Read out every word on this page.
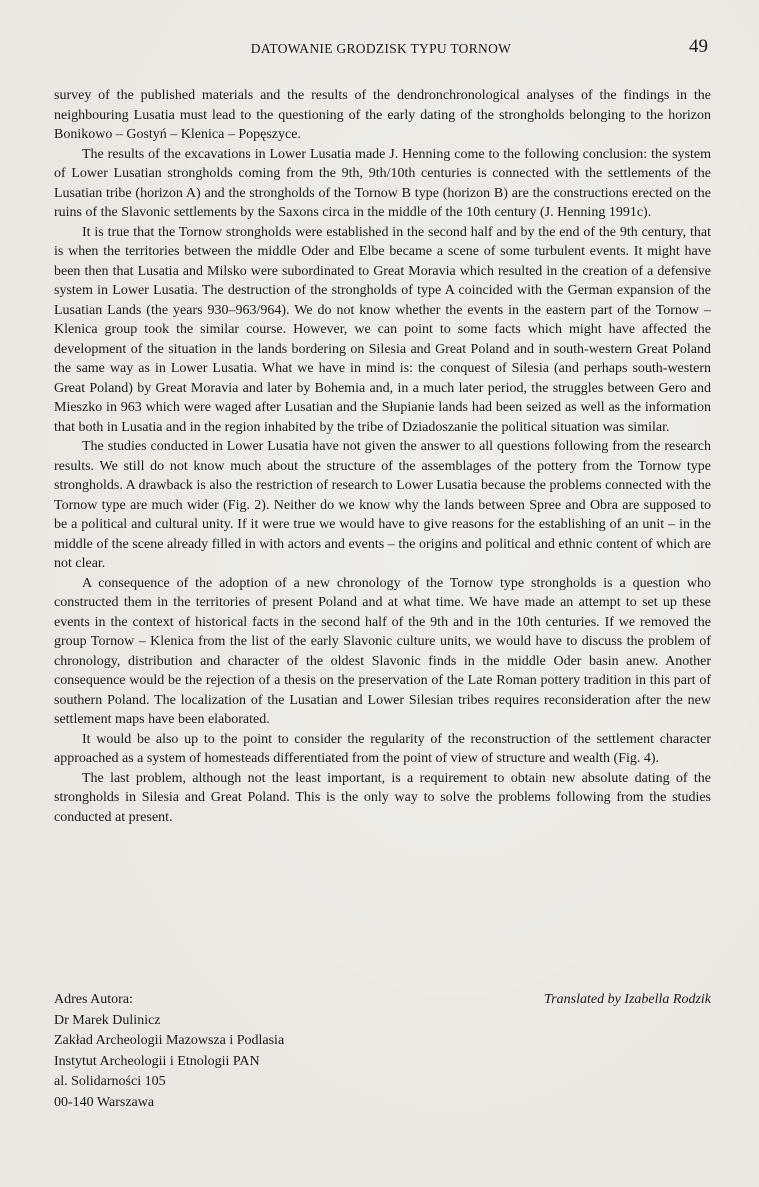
DATOWANIE GRODZISK TYPU TORNOW	49

survey of the published materials and the results of the dendronchronological analyses of the findings in the neighbouring Lusatia must lead to the questioning of the early dating of the strongholds belonging to the horizon Bonikowo – Gostyń – Klenica – Popęszyce.

The results of the excavations in Lower Lusatia made J. Henning come to the following conclusion: the system of Lower Lusatian strongholds coming from the 9th, 9th/10th centuries is connected with the settlements of the Lusatian tribe (horizon A) and the strongholds of the Tornow B type (horizon B) are the constructions erected on the ruins of the Slavonic settlements by the Saxons circa in the middle of the 10th century (J. Henning 1991c).

It is true that the Tornow strongholds were established in the second half and by the end of the 9th century, that is when the territories between the middle Oder and Elbe became a scene of some turbulent events. It might have been then that Lusatia and Milsko were subordinated to Great Moravia which resulted in the creation of a defensive system in Lower Lusatia. The destruction of the strongholds of type A coincided with the German expansion of the Lusatian Lands (the years 930–963/964). We do not know whether the events in the eastern part of the Tornow – Klenica group took the similar course. However, we can point to some facts which might have affected the development of the situation in the lands bordering on Silesia and Great Poland and in south-western Great Poland the same way as in Lower Lusatia. What we have in mind is: the conquest of Silesia (and perhaps south-western Great Poland) by Great Moravia and later by Bohemia and, in a much later period, the struggles between Gero and Mieszko in 963 which were waged after Lusatian and the Słupianie lands had been seized as well as the information that both in Lusatia and in the region inhabited by the tribe of Dziadoszanie the political situation was similar.

The studies conducted in Lower Lusatia have not given the answer to all questions following from the research results. We still do not know much about the structure of the assemblages of the pottery from the Tornow type strongholds. A drawback is also the restriction of research to Lower Lusatia because the problems connected with the Tornow type are much wider (Fig. 2). Neither do we know why the lands between Spree and Obra are supposed to be a political and cultural unity. If it were true we would have to give reasons for the establishing of an unit – in the middle of the scene already filled in with actors and events – the origins and political and ethnic content of which are not clear.

A consequence of the adoption of a new chronology of the Tornow type strongholds is a question who constructed them in the territories of present Poland and at what time. We have made an attempt to set up these events in the context of historical facts in the second half of the 9th and in the 10th centuries. If we removed the group Tornow – Klenica from the list of the early Slavonic culture units, we would have to discuss the problem of chronology, distribution and character of the oldest Slavonic finds in the middle Oder basin anew. Another consequence would be the rejection of a thesis on the preservation of the Late Roman pottery tradition in this part of southern Poland. The localization of the Lusatian and Lower Silesian tribes requires reconsideration after the new settlement maps have been elaborated.

It would be also up to the point to consider the regularity of the reconstruction of the settlement character approached as a system of homesteads differentiated from the point of view of structure and wealth (Fig. 4).

The last problem, although not the least important, is a requirement to obtain new absolute dating of the strongholds in Silesia and Great Poland. This is the only way to solve the problems following from the studies conducted at present.

Adres Autora:
Dr Marek Dulinicz
Zakład Archeologii Mazowsza i Podlasia
Instytut Archeologii i Etnologii PAN
al. Solidarności 105
00-140 Warszawa
Translated by Izabella Rodzik
